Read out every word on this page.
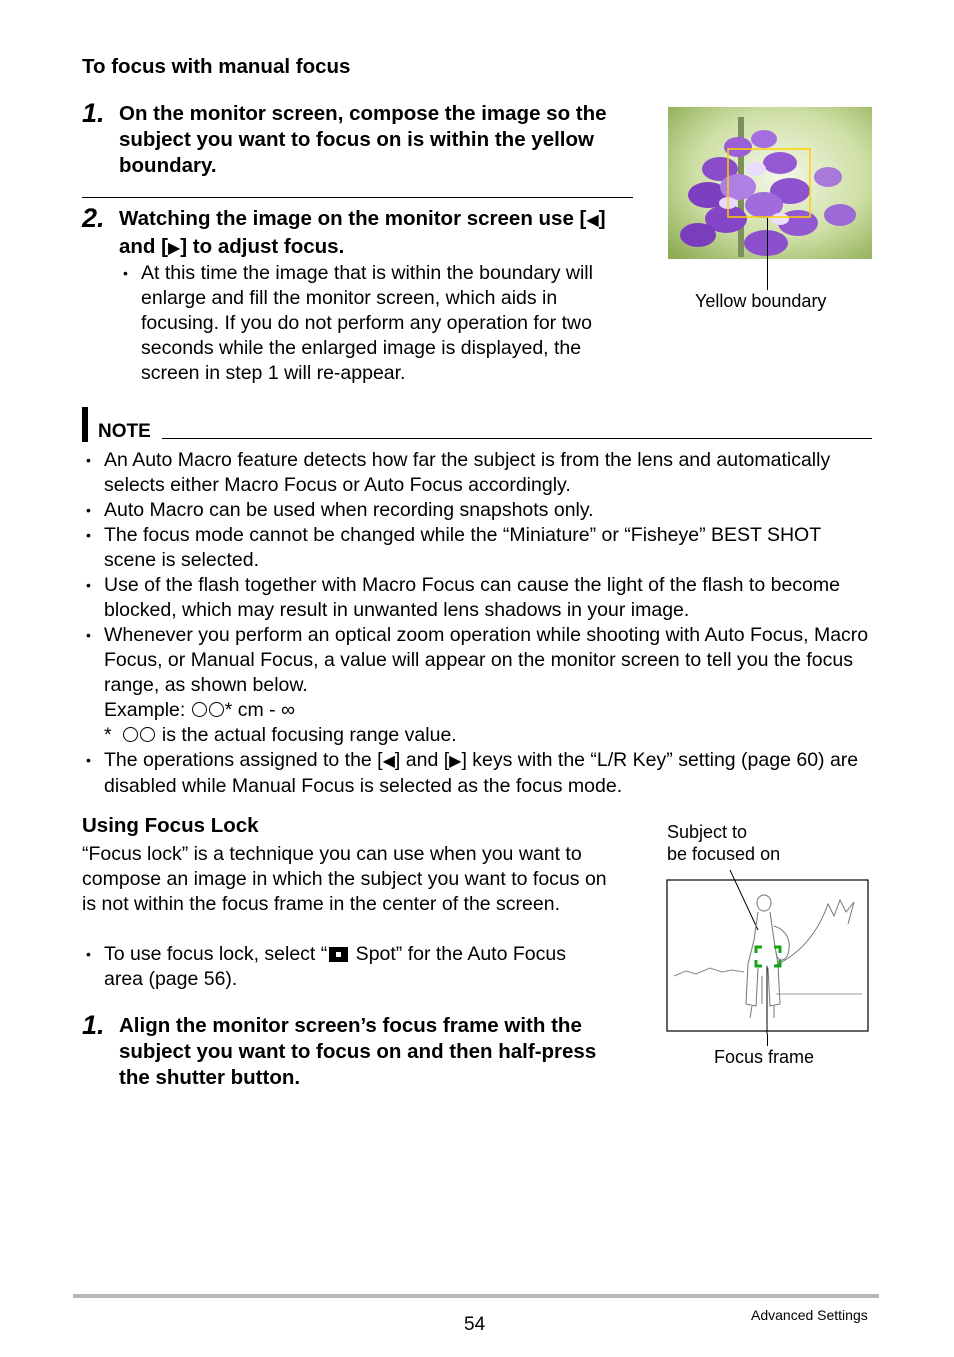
To focus with manual focus
1. On the monitor screen, compose the image so the subject you want to focus on is within the yellow boundary.
2. Watching the image on the monitor screen use [◀] and [▶] to adjust focus.
• At this time the image that is within the boundary will enlarge and fill the monitor screen, which aids in focusing. If you do not perform any operation for two seconds while the enlarged image is displayed, the screen in step 1 will re-appear.
Yellow boundary
NOTE
• An Auto Macro feature detects how far the subject is from the lens and automatically selects either Macro Focus or Auto Focus accordingly.
• Auto Macro can be used when recording snapshots only.
• The focus mode cannot be changed while the “Miniature” or “Fisheye” BEST SHOT scene is selected.
• Use of the flash together with Macro Focus can cause the light of the flash to become blocked, which may result in unwanted lens shadows in your image.
• Whenever you perform an optical zoom operation while shooting with Auto Focus, Macro Focus, or Manual Focus, a value will appear on the monitor screen to tell you the focus range, as shown below.
Example: * cm - ∞
*	is the actual focusing range value.
• The operations assigned to the [◀] and [▶] keys with the “L/R Key” setting (page 60) are disabled while Manual Focus is selected as the focus mode.
Using Focus Lock
“Focus lock” is a technique you can use when you want to compose an image in which the subject you want to focus on is not within the focus frame in the center of the screen.
• To use focus lock, select “ Spot” for the Auto Focus area (page 56).
1. Align the monitor screen’s focus frame with the subject you want to focus on and then half-press the shutter button.
Subject to
be focused on
Focus frame
54	Advanced Settings
